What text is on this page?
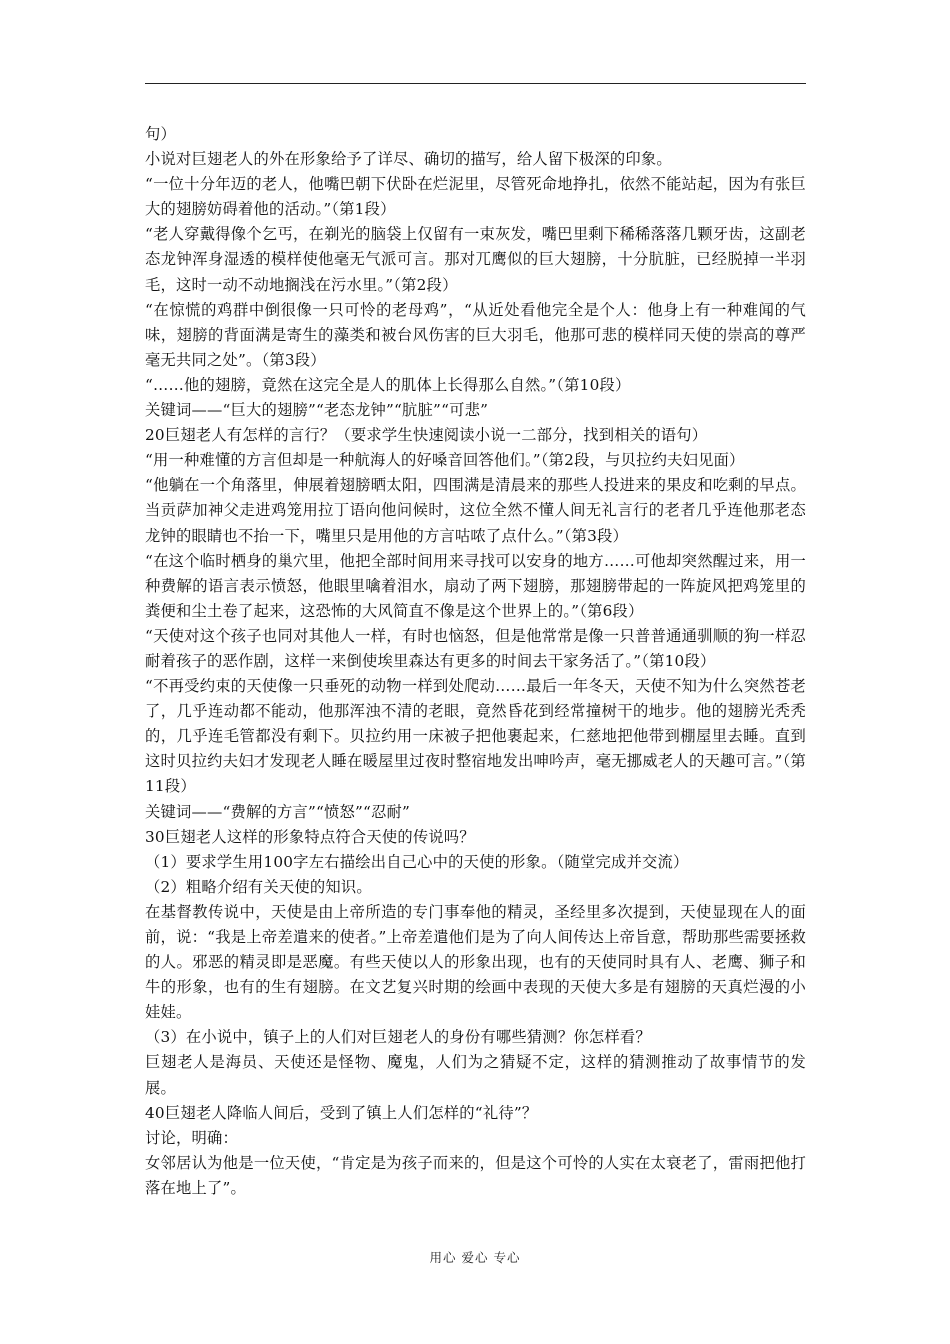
句）

小说对巨翅老人的外在形象给予了详尽、确切的描写，给人留下极深的印象。

“一位十分年迈的老人，他嘴巴朝下伏卧在烂泥里，尽管死命地挣扎，依然不能站起，因为有张巨大的翅膀妨碍着他的活动。”（第1段）

“老人穿戴得像个乞丐，在剃光的脑袋上仅留有一束灰发，嘴巴里剩下稀稀落落几颗牙齿，这副老态龙钟浑身湿透的模样使他毫无气派可言。那对兀鹰似的巨大翅膀，十分肮脏，已经脱掉一半羽毛，这时一动不动地搁浅在污水里。”（第2段）

“在惊慌的鸡群中倒很像一只可怜的老母鸡”，“从近处看他完全是个人：他身上有一种难闻的气味，翅膀的背面满是寄生的藻类和被台风伤害的巨大羽毛，他那可悲的模样同天使的崇高的尊严毫无共同之处”。（第3段）

“……他的翅膀，竟然在这完全是人的肌体上长得那么自然。”（第10段）

关键词——“巨大的翅膀”“老态龙钟”“肮脏”“可悲”

20巨翅老人有怎样的言行？（要求学生快速阅读小说一二部分，找到相关的语句）

“用一种难懂的方言但却是一种航海人的好嗓音回答他们。”（第2段，与贝拉约夫妇见面）

“他躺在一个角落里，伸展着翅膀晒太阳，四围满是清晨来的那些人投进来的果皮和吃剩的早点。当贡萨加神父走进鸡笼用拉丁语向他问候时，这位全然不懂人间无礼言行的老者几乎连他那老态龙钟的眼睛也不抬一下，嘴里只是用他的方言咕哝了点什么。”（第3段）

“在这个临时栖身的巢穴里，他把全部时间用来寻找可以安身的地方……可他却突然醒过来，用一种费解的语言表示愤怒，他眼里噙着泪水，扇动了两下翅膀，那翅膀带起的一阵旋风把鸡笼里的粪便和尘土卷了起来，这恐怖的大风简直不像是这个世界上的。”（第6段）

“天使对这个孩子也同对其他人一样，有时也恼怒，但是他常常是像一只普普通通驯顺的狗一样忍耐着孩子的恶作剧，这样一来倒使埃里森达有更多的时间去干家务活了。”（第10段）

“不再受约束的天使像一只垂死的动物一样到处爬动……最后一年冬天，天使不知为什么突然苍老了，几乎连动都不能动，他那浑浊不清的老眼，竟然昏花到经常撞树干的地步。他的翅膀光秃秃的，几乎连毛管都没有剩下。贝拉约用一床被子把他裹起来，仁慈地把他带到棚屋里去睡。直到这时贝拉约夫妇才发现老人睡在暖屋里过夜时整宿地发出呻吟声，毫无挪威老人的天趣可言。”（第11段）

关键词——“费解的方言”“愤怒”“忍耐”

30巨翅老人这样的形象特点符合天使的传说吗？

（1）要求学生用100字左右描绘出自己心中的天使的形象。（随堂完成并交流）

（2）粗略介绍有关天使的知识。

在基督教传说中，天使是由上帝所造的专门事奉他的精灵，圣经里多次提到，天使显现在人的面前，说：“我是上帝差遣来的使者。”上帝差遣他们是为了向人间传达上帝旨意，帮助那些需要拯救的人。邪恶的精灵即是恶魔。有些天使以人的形象出现，也有的天使同时具有人、老鹰、狮子和牛的形象，也有的生有翅膀。在文艺复兴时期的绘画中表现的天使大多是有翅膀的天真烂漫的小娃娃。

（3）在小说中，镇子上的人们对巨翅老人的身份有哪些猜测？你怎样看？

巨翅老人是海员、天使还是怪物、魔鬼，人们为之猜疑不定，这样的猜测推动了故事情节的发展。

40巨翅老人降临人间后，受到了镇上人们怎样的“礼待”？

讨论，明确：

女邻居认为他是一位天使，“肯定是为孩子而来的，但是这个可怜的人实在太衰老了，雷雨把他打落在地上了”。

用心 爱心 专心
